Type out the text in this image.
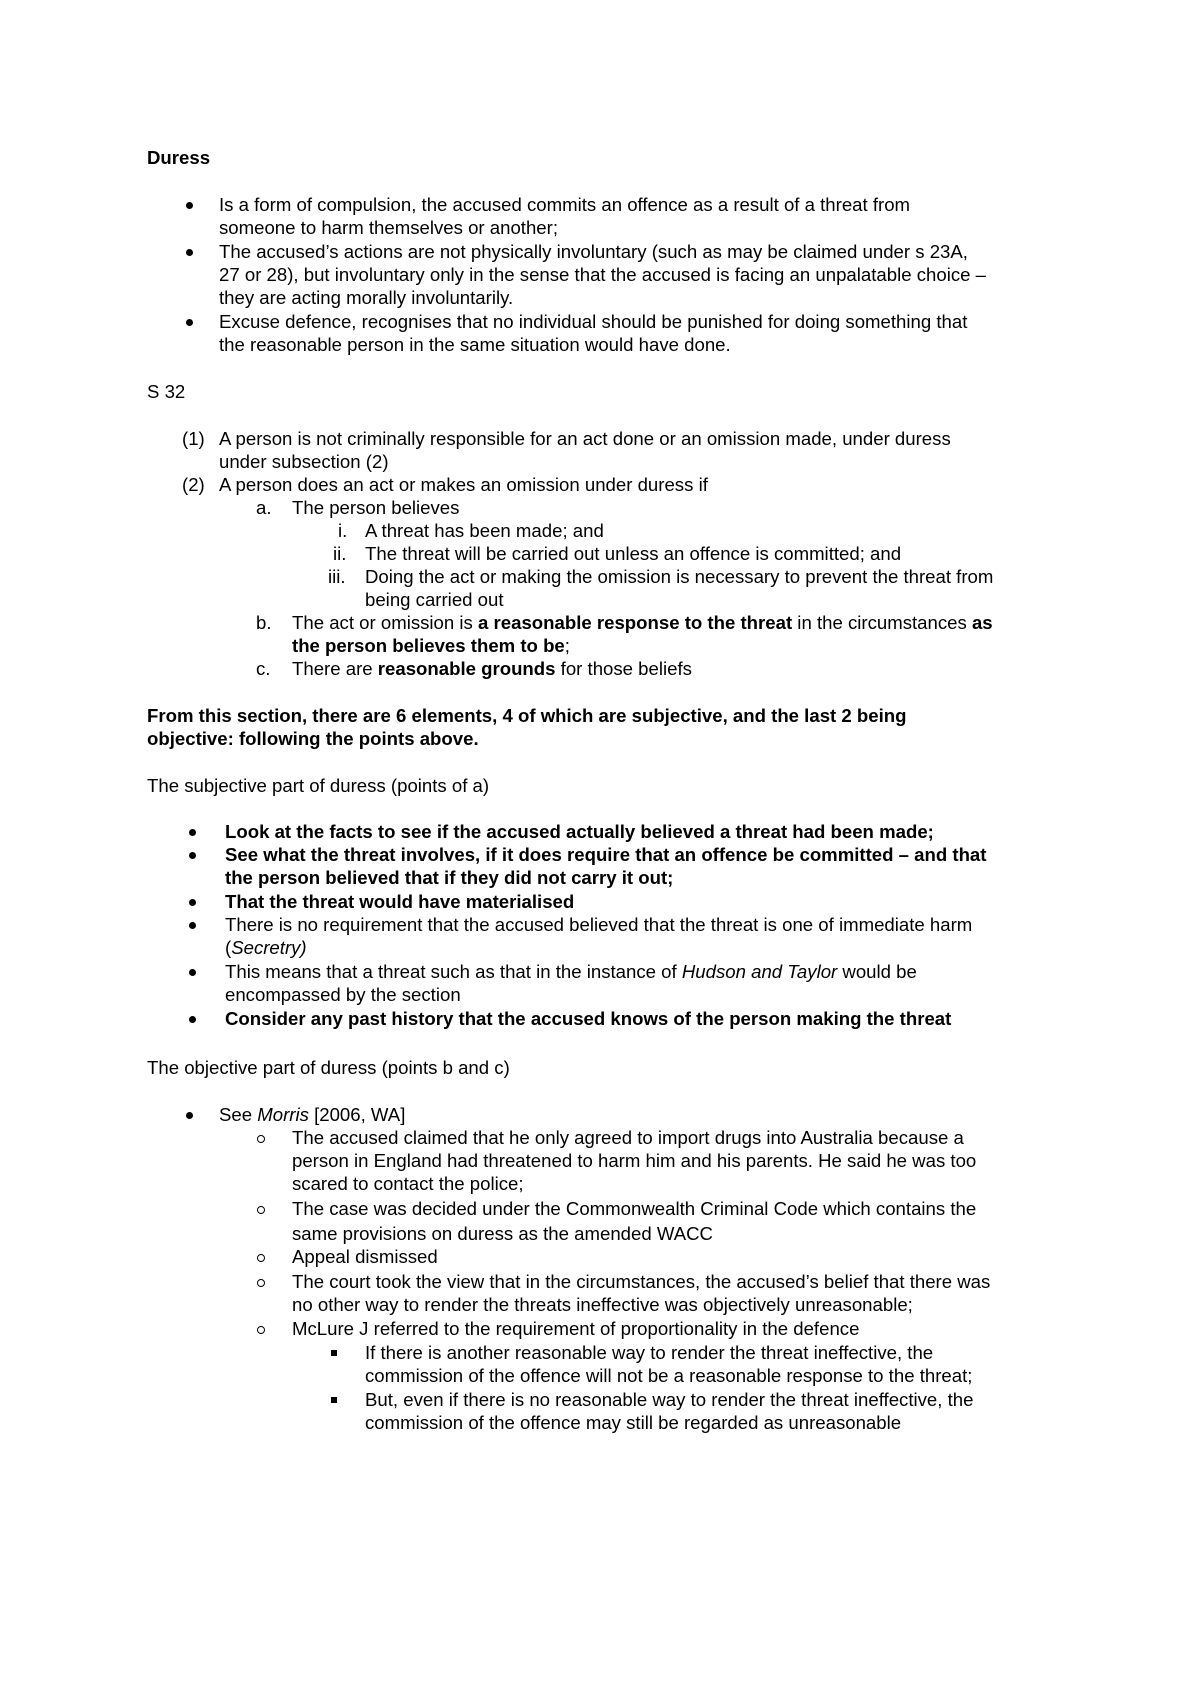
Duress
Is a form of compulsion, the accused commits an offence as a result of a threat from
someone to harm themselves or another;
The accused’s actions are not physically involuntary (such as may be claimed under s 23A,
27 or 28), but involuntary only in the sense that the accused is facing an unpalatable choice –
they are acting morally involuntarily.
Excuse defence, recognises that no individual should be punished for doing something that
the reasonable person in the same situation would have done.
S 32
(1) A person is not criminally responsible for an act done or an omission made, under duress
under subsection (2)
(2) A person does an act or makes an omission under duress if
a. The person believes
i. A threat has been made; and
ii. The threat will be carried out unless an offence is committed; and
iii. Doing the act or making the omission is necessary to prevent the threat from
being carried out
b. The act or omission is a reasonable response to the threat in the circumstances as
the person believes them to be;
c. There are reasonable grounds for those beliefs
From this section, there are 6 elements, 4 of which are subjective, and the last 2 being
objective: following the points above.
The subjective part of duress (points of a)
Look at the facts to see if the accused actually believed a threat had been made;
See what the threat involves, if it does require that an offence be committed – and that
the person believed that if they did not carry it out;
That the threat would have materialised
There is no requirement that the accused believed that the threat is one of immediate harm
(Secretry)
This means that a threat such as that in the instance of Hudson and Taylor would be
encompassed by the section
Consider any past history that the accused knows of the person making the threat
The objective part of duress (points b and c)
See Morris [2006, WA]
The accused claimed that he only agreed to import drugs into Australia because a
person in England had threatened to harm him and his parents. He said he was too
scared to contact the police;
The case was decided under the Commonwealth Criminal Code which contains the
same provisions on duress as the amended WACC
Appeal dismissed
The court took the view that in the circumstances, the accused’s belief that there was
no other way to render the threats ineffective was objectively unreasonable;
McLure J referred to the requirement of proportionality in the defence
If there is another reasonable way to render the threat ineffective, the
commission of the offence will not be a reasonable response to the threat;
But, even if there is no reasonable way to render the threat ineffective, the
commission of the offence may still be regarded as unreasonable
